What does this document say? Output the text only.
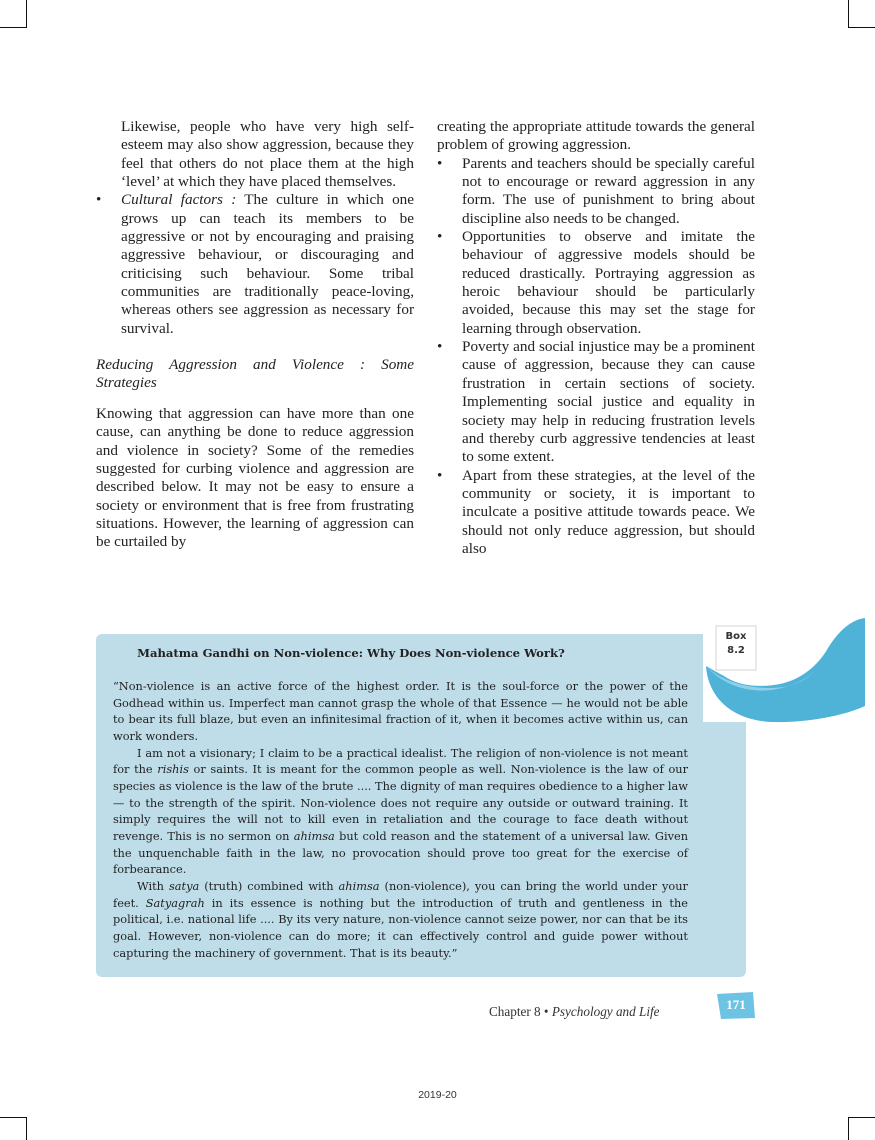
Likewise, people who have very high self-esteem may also show aggression, because they feel that others do not place them at the high ‘level’ at which they have placed themselves.

• Cultural factors : The culture in which one grows up can teach its members to be aggressive or not by encouraging and praising aggressive behaviour, or discouraging and criticising such behaviour. Some tribal communities are traditionally peace-loving, whereas others see aggression as necessary for survival.

Reducing Aggression and Violence : Some Strategies

Knowing that aggression can have more than one cause, can anything be done to reduce aggression and violence in society? Some of the remedies suggested for curbing violence and aggression are described below. It may not be easy to ensure a society or environment that is free from frustrating situations. However, the learning of aggression can be curtailed by

creating the appropriate attitude towards the general problem of growing aggression.

• Parents and teachers should be specially careful not to encourage or reward aggression in any form. The use of punishment to bring about discipline also needs to be changed.

• Opportunities to observe and imitate the behaviour of aggressive models should be reduced drastically. Portraying aggression as heroic behaviour should be particularly avoided, because this may set the stage for learning through observation.

• Poverty and social injustice may be a prominent cause of aggression, because they can cause frustration in certain sections of society. Implementing social justice and equality in society may help in reducing frustration levels and thereby curb aggressive tendencies at least to some extent.

• Apart from these strategies, at the level of the community or society, it is important to inculcate a positive attitude towards peace. We should not only reduce aggression, but should also

Box
8.2
Mahatma Gandhi on Non-violence: Why Does Non-violence Work?

“Non-violence is an active force of the highest order. It is the soul-force or the power of the Godhead within us. Imperfect man cannot grasp the whole of that Essence — he would not be able to bear its full blaze, but even an infinitesimal fraction of it, when it becomes active within us, can work wonders.

I am not a visionary; I claim to be a practical idealist. The religion of non-violence is not meant for the rishis or saints. It is meant for the common people as well. Non-violence is the law of our species as violence is the law of the brute .... The dignity of man requires obedience to a higher law — to the strength of the spirit. Non-violence does not require any outside or outward training. It simply requires the will not to kill even in retaliation and the courage to face death without revenge. This is no sermon on ahimsa but cold reason and the statement of a universal law. Given the unquenchable faith in the law, no provocation should prove too great for the exercise of forbearance.

With satya (truth) combined with ahimsa (non-violence), you can bring the world under your feet. Satyagrah in its essence is nothing but the introduction of truth and gentleness in the political, i.e. national life .... By its very nature, non-violence cannot seize power, nor can that be its goal. However, non-violence can do more; it can effectively control and guide power without capturing the machinery of government. That is its beauty.”

Chapter 8 • Psychology and Life	171
2019-20
